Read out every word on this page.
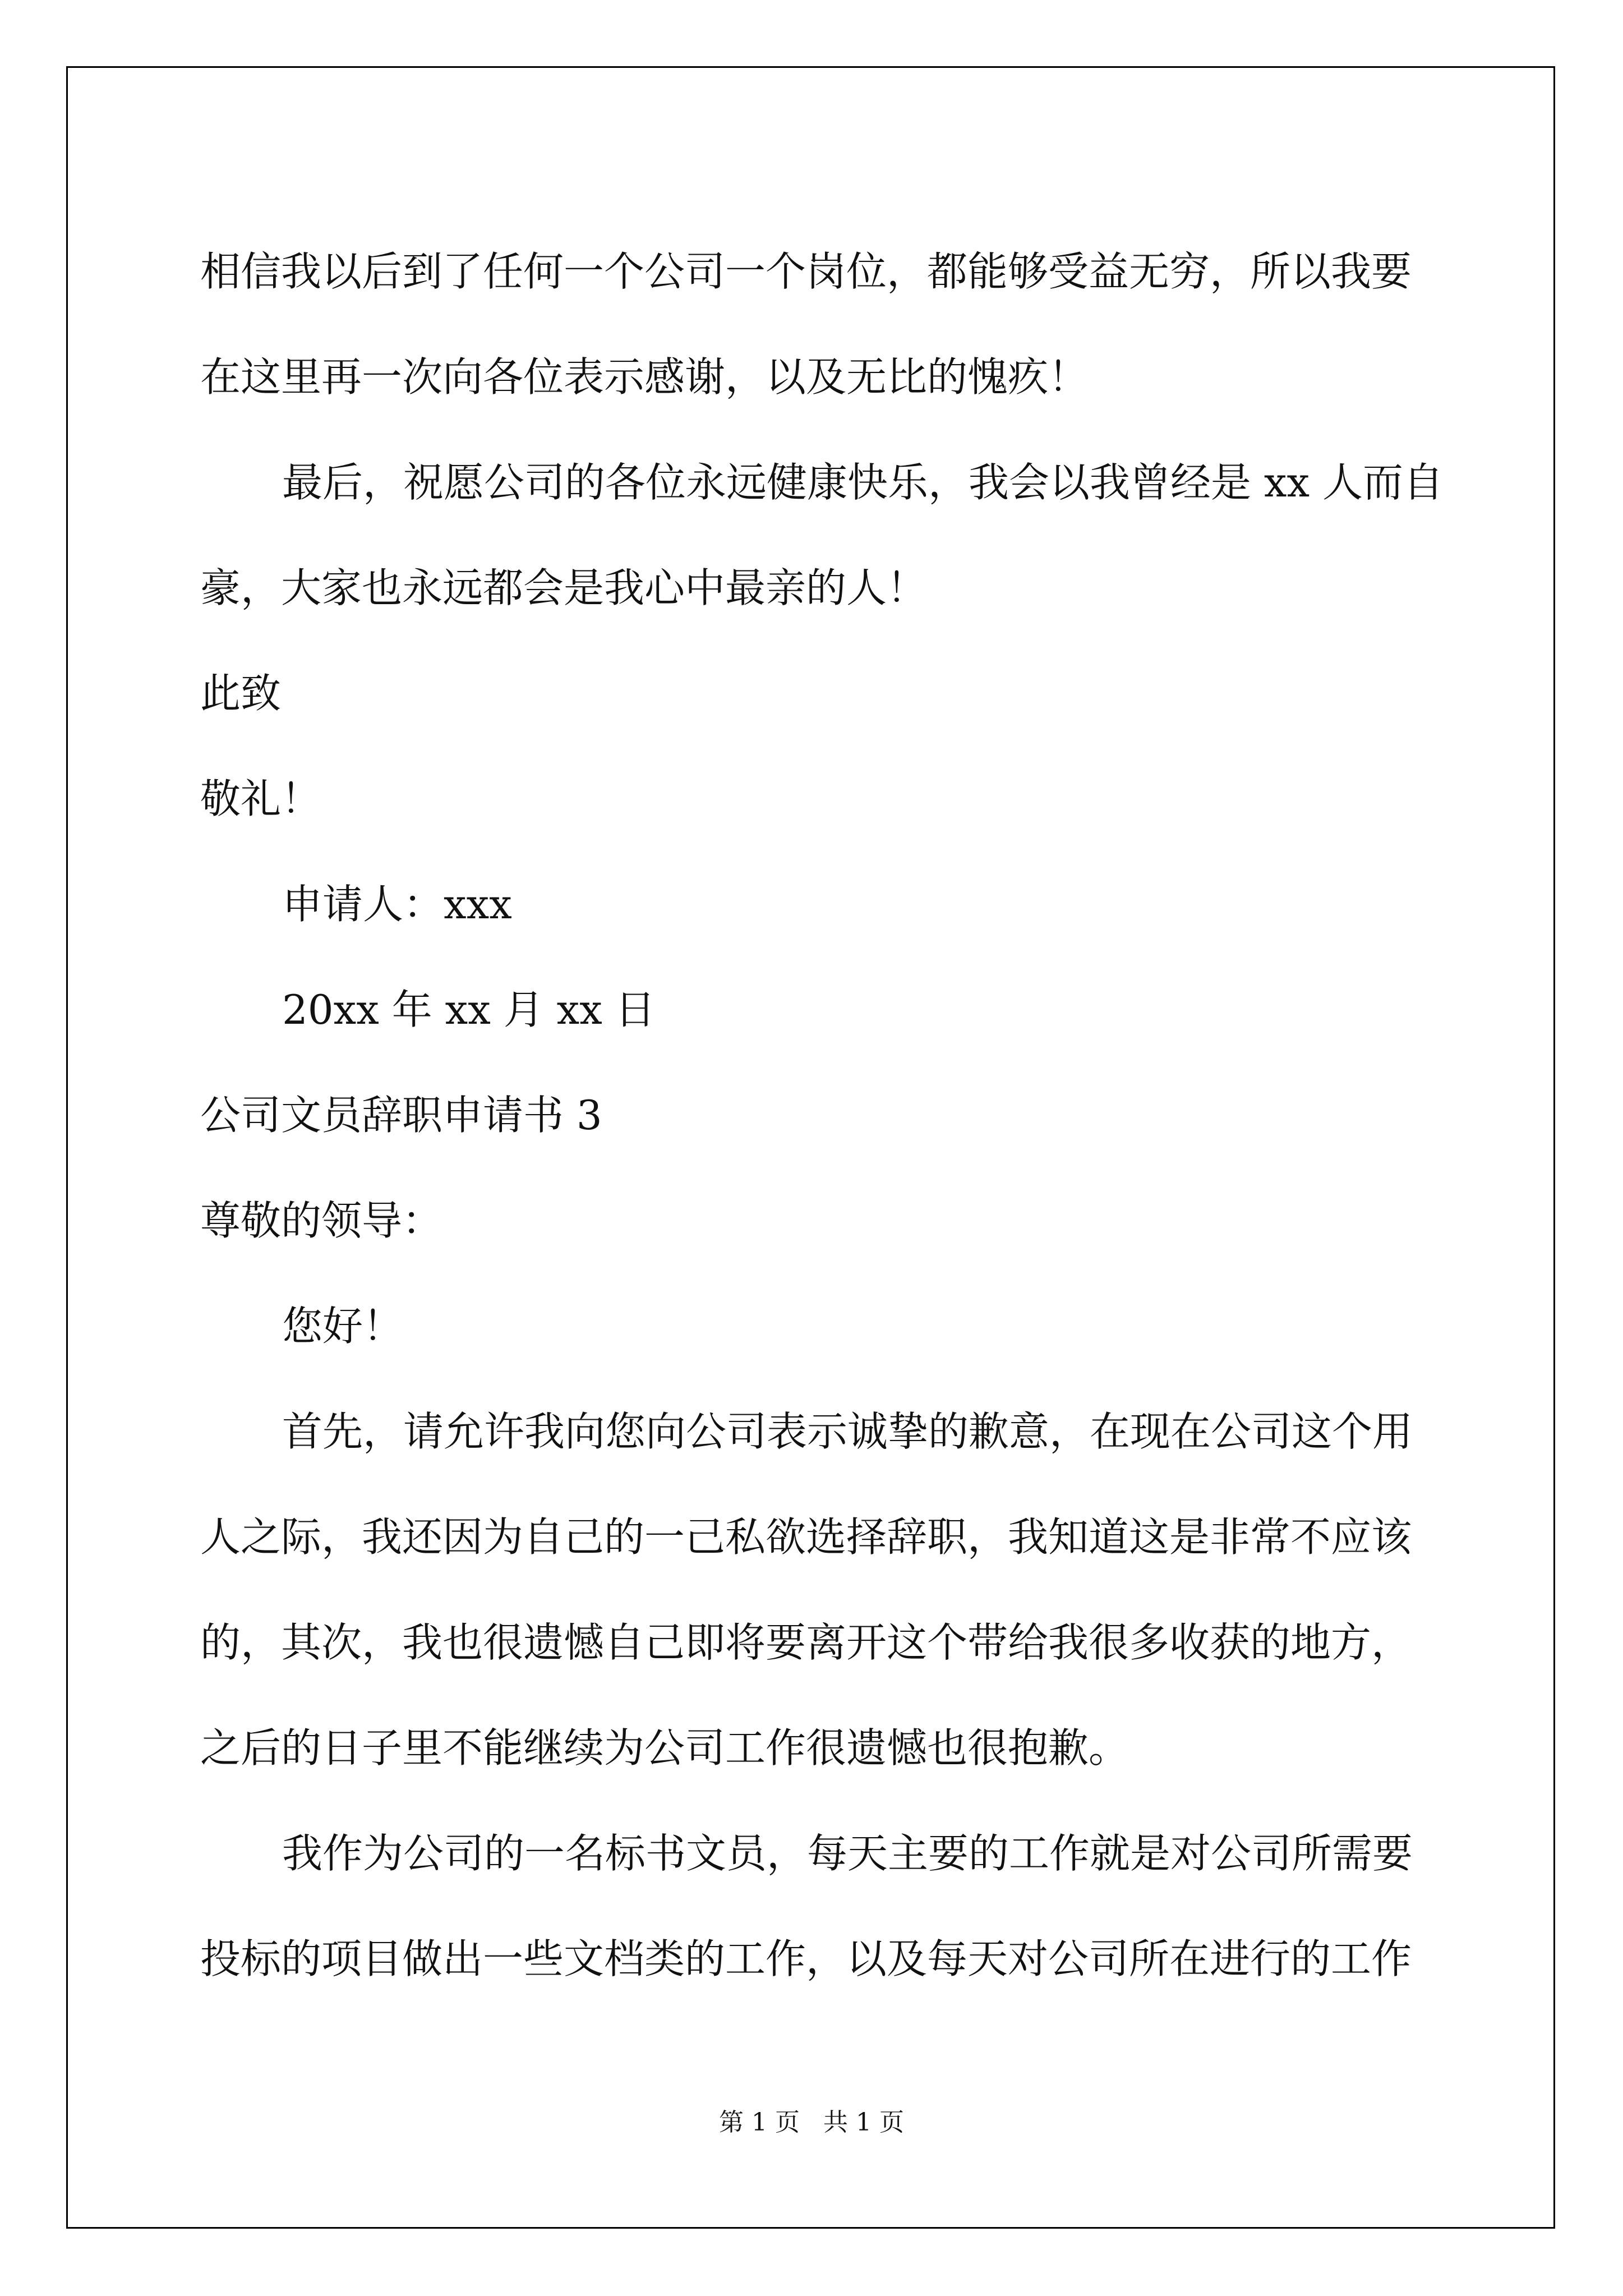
相信我以后到了任何一个公司一个岗位，都能够受益无穷，所以我要
在这里再一次向各位表示感谢，以及无比的愧疚！
最后，祝愿公司的各位永远健康快乐，我会以我曾经是 xx 人而自
豪，大家也永远都会是我心中最亲的人！
此致
敬礼！
申请人：xxx
20xx 年 xx 月 xx 日
公司文员辞职申请书 3
尊敬的领导：
您好！
首先，请允许我向您向公司表示诚挚的歉意，在现在公司这个用
人之际，我还因为自己的一己私欲选择辞职，我知道这是非常不应该
的，其次，我也很遗憾自己即将要离开这个带给我很多收获的地方，
之后的日子里不能继续为公司工作很遗憾也很抱歉。
我作为公司的一名标书文员，每天主要的工作就是对公司所需要
投标的项目做出一些文档类的工作，以及每天对公司所在进行的工作
第 1 页   共 1 页
